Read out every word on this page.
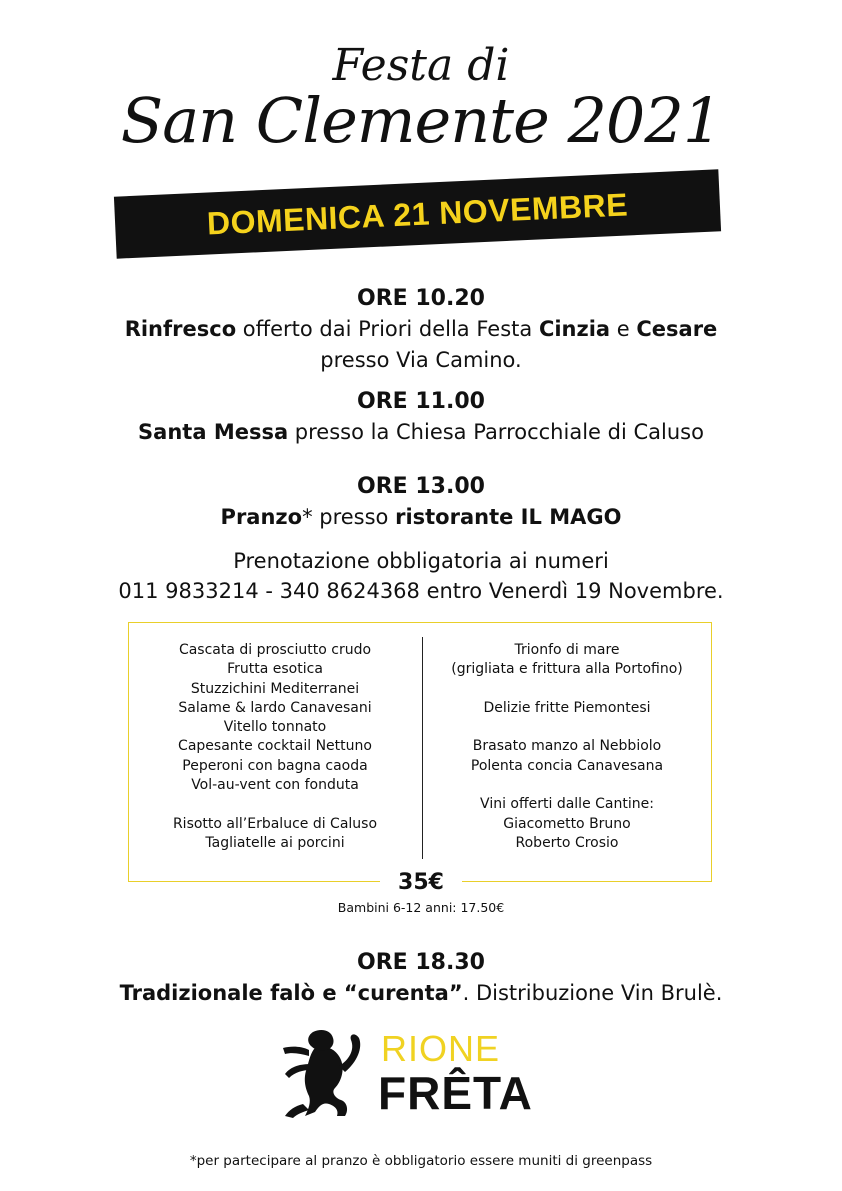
Festa di
San Clemente 2021
DOMENICA 21 NOVEMBRE
ORE 10.20
Rinfresco offerto dai Priori della Festa Cinzia e Cesare
presso Via Camino.
ORE 11.00
Santa Messa presso la Chiesa Parrocchiale di Caluso
ORE 13.00
Pranzo* presso ristorante IL MAGO
Prenotazione obbligatoria ai numeri
011 9833214 - 340 8624368 entro Venerdì 19 Novembre.
Cascata di prosciutto crudo
Frutta esotica
Stuzzichini Mediterranei
Salame & lardo Canavesani
Vitello tonnato
Capesante cocktail Nettuno
Peperoni con bagna caoda
Vol-au-vent con fonduta
Risotto all’Erbaluce di Caluso
Tagliatelle ai porcini
Trionfo di mare
(grigliata e frittura alla Portofino)
Delizie fritte Piemontesi
Brasato manzo al Nebbiolo
Polenta concia Canavesana
Vini offerti dalle Cantine:
Giacometto Bruno
Roberto Crosio
35€
Bambini 6-12 anni: 17.50€
ORE 18.30
Tradizionale falò e “curenta”. Distribuzione Vin Brulè.
RIONE
FRÊTA
*per partecipare al pranzo è obbligatorio essere muniti di greenpass
